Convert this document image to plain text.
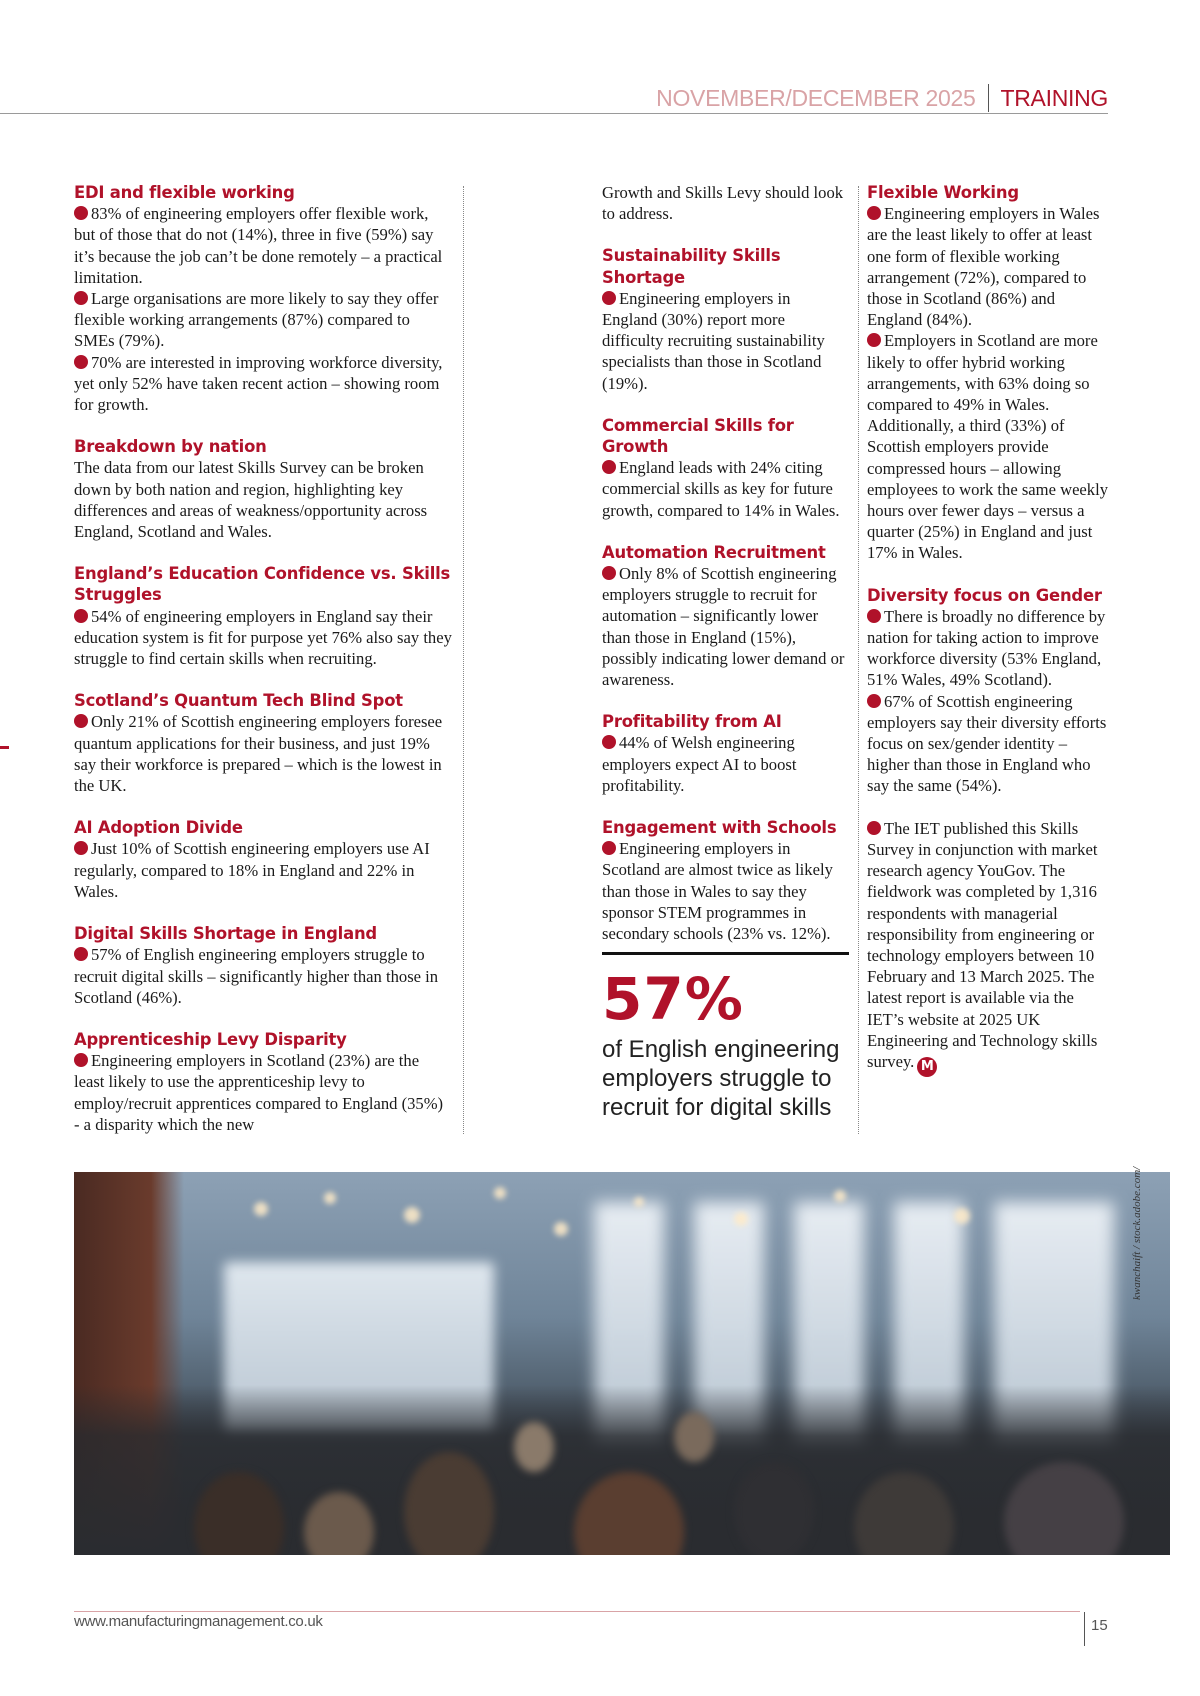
NOVEMBER/DECEMBER 2025 TRAINING
EDI and flexible working
83% of engineering employers offer flexible work, but of those that do not (14%), three in five (59%) say it’s because the job can’t be done remotely – a practical limitation.
Large organisations are more likely to say they offer flexible working arrangements (87%) compared to SMEs (79%).
70% are interested in improving workforce diversity, yet only 52% have taken recent action – showing room for growth.
Breakdown by nation
The data from our latest Skills Survey can be broken down by both nation and region, highlighting key differences and areas of weakness/opportunity across England, Scotland and Wales.
England’s Education Confidence vs. Skills Struggles
54% of engineering employers in England say their education system is fit for purpose yet 76% also say they struggle to find certain skills when recruiting.
Scotland’s Quantum Tech Blind Spot
Only 21% of Scottish engineering employers foresee quantum applications for their business, and just 19% say their workforce is prepared – which is the lowest in the UK.
AI Adoption Divide
Just 10% of Scottish engineering employers use AI regularly, compared to 18% in England and 22% in Wales.
Digital Skills Shortage in England
57% of English engineering employers struggle to recruit digital skills – significantly higher than those in Scotland (46%).
Apprenticeship Levy Disparity
Engineering employers in Scotland (23%) are the least likely to use the apprenticeship levy to employ/recruit apprentices compared to England (35%) - a disparity which the new
Growth and Skills Levy should look to address.
Sustainability Skills Shortage
Engineering employers in England (30%) report more difficulty recruiting sustainability specialists than those in Scotland (19%).
Commercial Skills for Growth
England leads with 24% citing commercial skills as key for future growth, compared to 14% in Wales.
Automation Recruitment
Only 8% of Scottish engineering employers struggle to recruit for automation – significantly lower than those in England (15%), possibly indicating lower demand or awareness.
Profitability from AI
44% of Welsh engineering employers expect AI to boost profitability.
Engagement with Schools
Engineering employers in Scotland are almost twice as likely than those in Wales to say they sponsor STEM programmes in secondary schools (23% vs. 12%).
57%
of English engineering employers struggle to recruit for digital skills
Flexible Working
Engineering employers in Wales are the least likely to offer at least one form of flexible working arrangement (72%), compared to those in Scotland (86%) and England (84%).
Employers in Scotland are more likely to offer hybrid working arrangements, with 63% doing so compared to 49% in Wales. Additionally, a third (33%) of Scottish employers provide compressed hours – allowing employees to work the same weekly hours over fewer days – versus a quarter (25%) in England and just 17% in Wales.
Diversity focus on Gender
There is broadly no difference by nation for taking action to improve workforce diversity (53% England, 51% Wales, 49% Scotland).
67% of Scottish engineering employers say their diversity efforts focus on sex/gender identity – higher than those in England who say the same (54%).
The IET published this Skills Survey in conjunction with market research agency YouGov. The fieldwork was completed by 1,316 respondents with managerial responsibility from engineering or technology employers between 10 February and 13 March 2025. The latest report is available via the IET’s website at 2025 UK Engineering and Technology skills survey. M
kwanchaift / stock.adobe.com/
www.manufacturingmanagement.co.uk	15
